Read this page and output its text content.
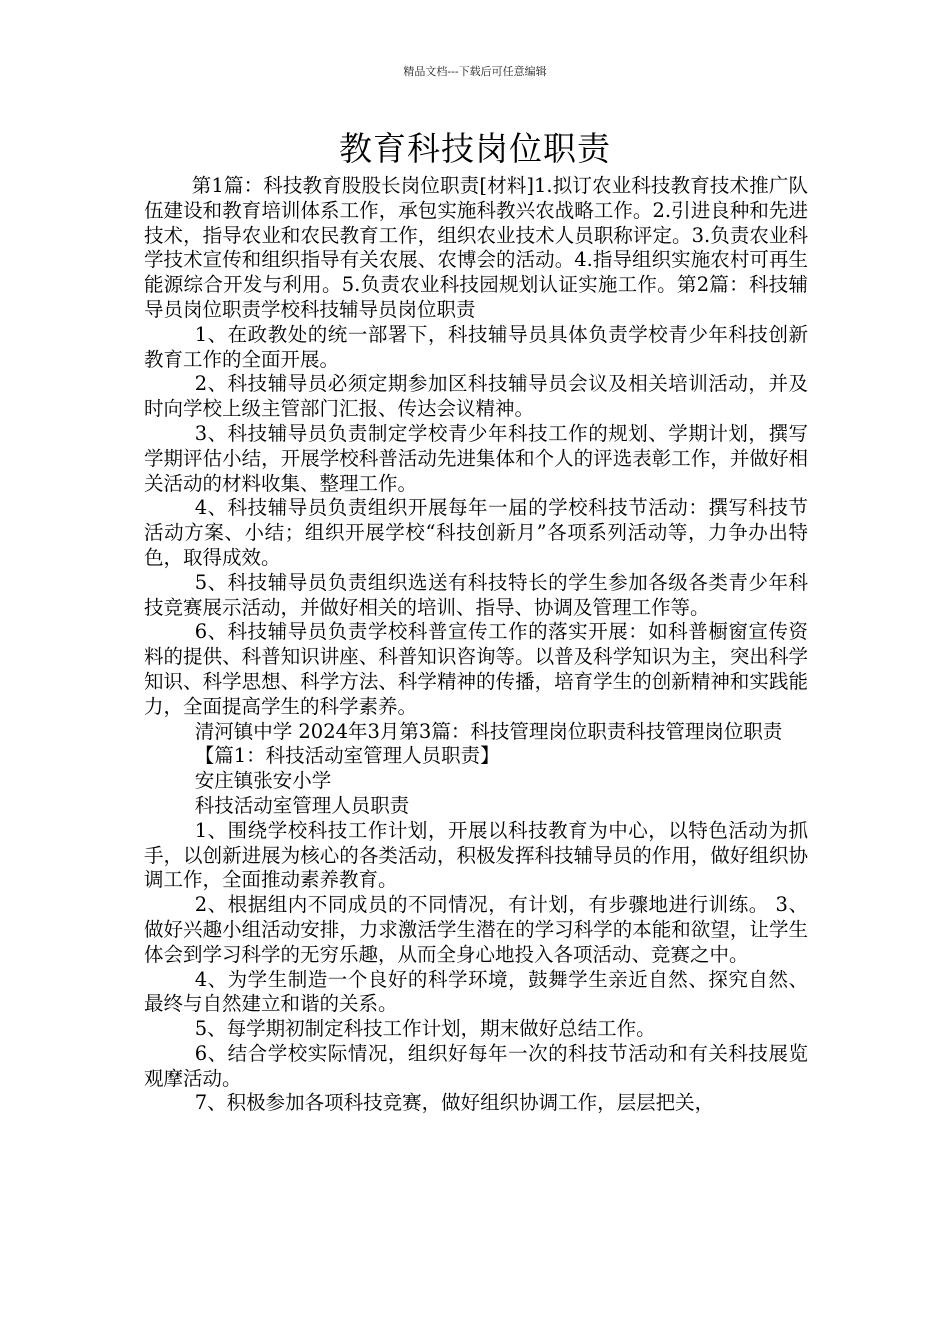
精品文档---下载后可任意编辑
教育科技岗位职责

第1篇：科技教育股股长岗位职责[材料]1.拟订农业科技教育技术推广队伍建设和教育培训体系工作，承包实施科教兴农战略工作。2.引进良种和先进技术，指导农业和农民教育工作，组织农业技术人员职称评定。3.负责农业科学技术宣传和组织指导有关农展、农博会的活动。4.指导组织实施农村可再生能源综合开发与利用。5.负责农业科技园规划认证实施工作。第2篇：科技辅导员岗位职责学校科技辅导员岗位职责

1、在政教处的统一部署下，科技辅导员具体负责学校青少年科技创新教育工作的全面开展。

2、科技辅导员必须定期参加区科技辅导员会议及相关培训活动，并及时向学校上级主管部门汇报、传达会议精神。

3、科技辅导员负责制定学校青少年科技工作的规划、学期计划，撰写学期评估小结，开展学校科普活动先进集体和个人的评选表彰工作，并做好相关活动的材料收集、整理工作。

4、科技辅导员负责组织开展每年一届的学校科技节活动：撰写科技节活动方案、小结；组织开展学校“科技创新月”各项系列活动等，力争办出特色，取得成效。

5、科技辅导员负责组织选送有科技特长的学生参加各级各类青少年科技竞赛展示活动，并做好相关的培训、指导、协调及管理工作等。

6、科技辅导员负责学校科普宣传工作的落实开展：如科普橱窗宣传资料的提供、科普知识讲座、科普知识咨询等。以普及科学知识为主，突出科学知识、科学思想、科学方法、科学精神的传播，培育学生的创新精神和实践能力，全面提高学生的科学素养。

清河镇中学 2024年3月第3篇：科技管理岗位职责科技管理岗位职责

【篇1：科技活动室管理人员职责】

安庄镇张安小学

科技活动室管理人员职责

1、围绕学校科技工作计划，开展以科技教育为中心，以特色活动为抓手，以创新进展为核心的各类活动，积极发挥科技辅导员的作用，做好组织协调工作，全面推动素养教育。

2、根据组内不同成员的不同情况，有计划，有步骤地进行训练。 3、做好兴趣小组活动安排，力求激活学生潜在的学习科学的本能和欲望，让学生体会到学习科学的无穷乐趣，从而全身心地投入各项活动、竞赛之中。

4、为学生制造一个良好的科学环境，鼓舞学生亲近自然、探究自然、最终与自然建立和谐的关系。

5、每学期初制定科技工作计划，期末做好总结工作。

6、结合学校实际情况，组织好每年一次的科技节活动和有关科技展览观摩活动。

7、积极参加各项科技竞赛，做好组织协调工作，层层把关，
